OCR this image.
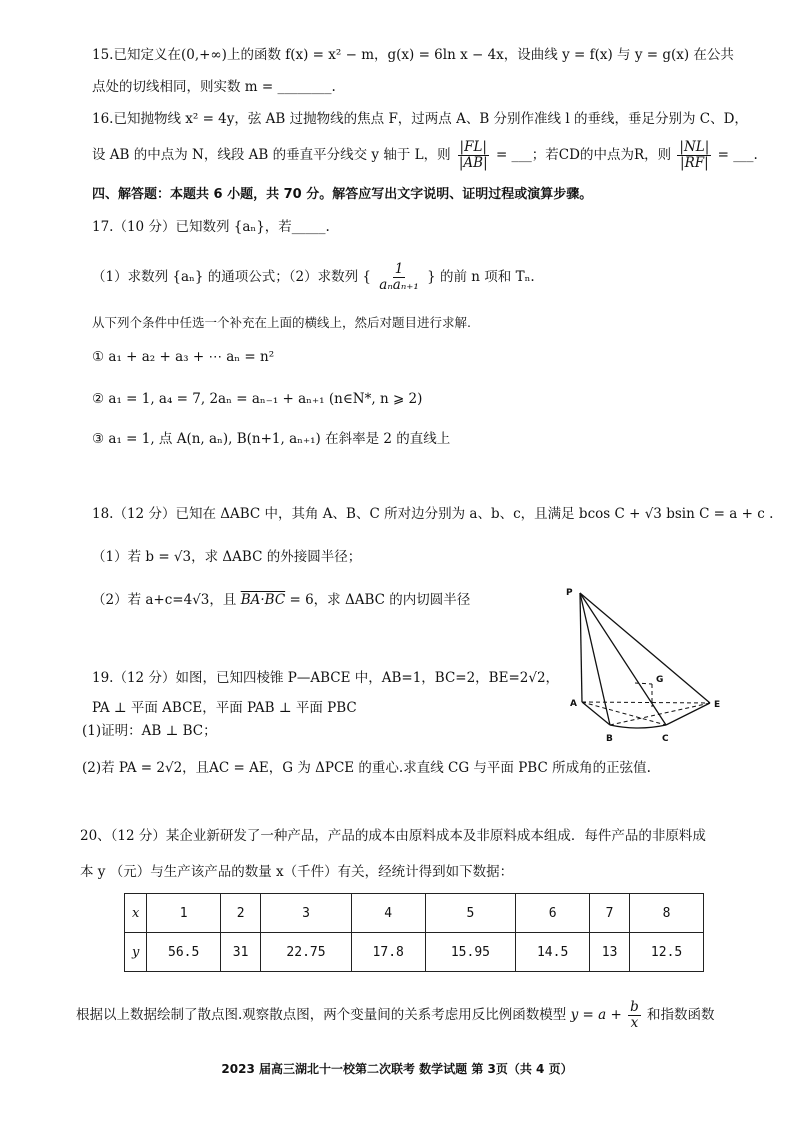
15.已知定义在(0,+∞)上的函数 f(x) = x² − m，g(x) = 6ln x − 4x，设曲线 y = f(x) 与 y = g(x) 在公共
点处的切线相同，则实数 m = ________.
16.已知抛物线 x² = 4y，弦 AB 过抛物线的焦点 F，过两点 A、B 分别作准线 l 的垂线，垂足分别为 C、D，
设 AB 的中点为 N，线段 AB 的垂直平分线交 y 轴于 L，则 $\frac{|FL|}{|AB|}$ = ___；若CD的中点为R，则 $\frac{|NL|}{|RF|}$ = ___.
四、解答题：本题共 6 小题，共 70 分。解答应写出文字说明、证明过程或演算步骤。
17.（10 分）已知数列 {aₙ}，若_____.
（1）求数列 {aₙ} 的通项公式；（2）求数列 { $\frac{1}{\text{aₙaₙ₊₁}}$ } 的前 n 项和 Tₙ.
从下列个条件中任选一个补充在上面的横线上，然后对题目进行求解.
① a₁ + a₂ + a₃ + ⋯ aₙ = n²
② a₁ = 1, a₄ = 7, 2aₙ = aₙ₋₁ + aₙ₊₁ (n∈N*, n ⩾ 2)
③ a₁ = 1, 点 A(n, aₙ), B(n+1, aₙ₊₁) 在斜率是 2 的直线上
18.（12 分）已知在 ΔABC 中，其角 A、B、C 所对边分别为 a、b、c，且满足 bcos C + √3 bsin C = a + c .
（1）若 b = √3，求 ΔABC 的外接圆半径；
（2）若 a+c=4√3，且 BA·BC = 6，求 ΔABC 的内切圆半径
19.（12 分）如图，已知四棱锥 P—ABCE 中，AB=1，BC=2，BE=2√2，
PA ⊥ 平面 ABCE，平面 PAB ⊥ 平面 PBC
(1)证明：AB ⊥ BC；
(2)若 PA = 2√2，且AC = AE，G 为 ΔPCE 的重心.求直线 CG 与平面 PBC 所成角的正弦值.
P
G
A	E
B	C
20、（12 分）某企业新研发了一种产品，产品的成本由原料成本及非原料成本组成．每件产品的非原料成
本 y （元）与生产该产品的数量 x（千件）有关，经统计得到如下数据：
x	1	2	3	4	5	6	7	8
y	56.5	31	22.75	17.8	15.95	14.5	13	12.5
根据以上数据绘制了散点图.观察散点图，两个变量间的关系考虑用反比例函数模型 $y = a + \frac{b}{x}$ 和指数函数
2023 届高三湖北十一校第二次联考 数学试题 第 3页（共 4 页）
